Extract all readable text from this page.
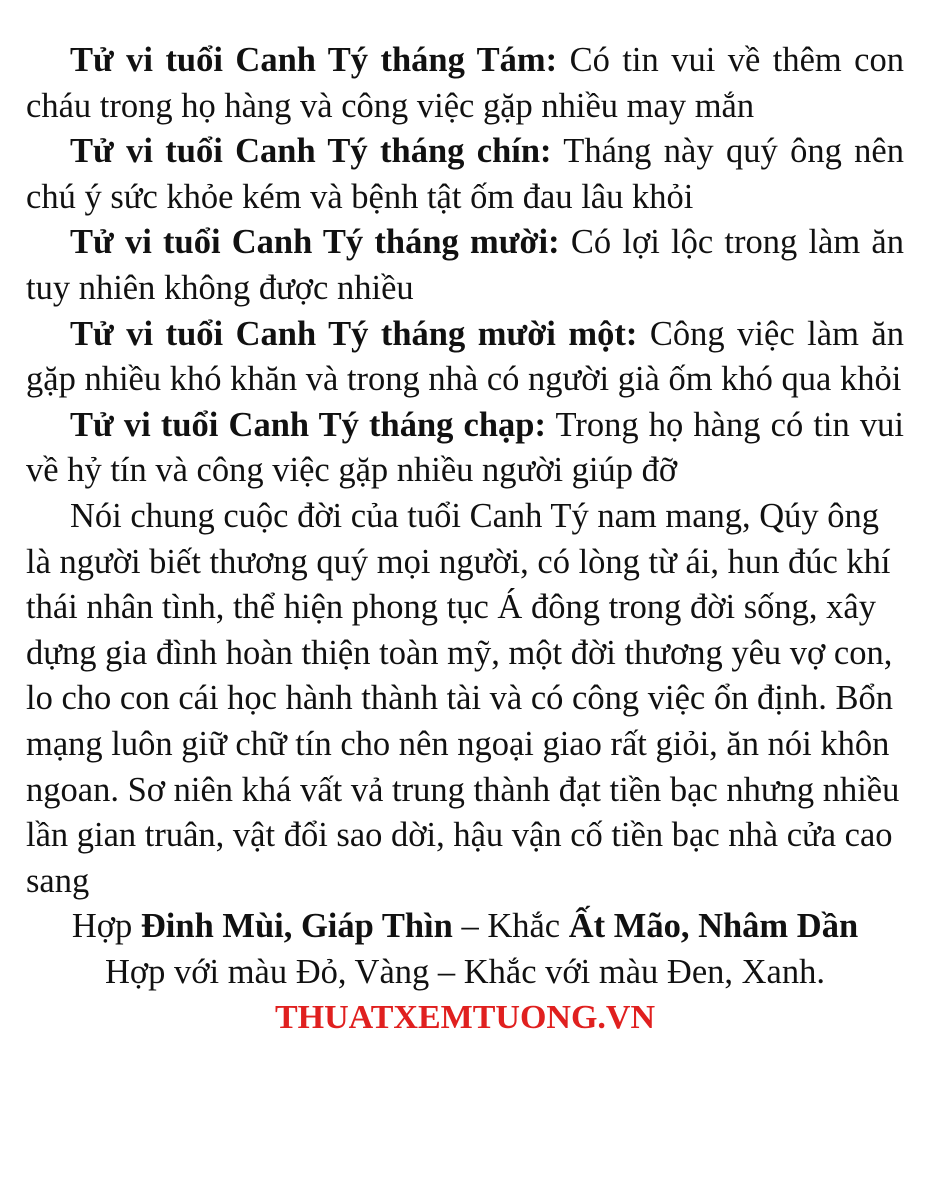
Tử vi tuổi Canh Tý tháng Tám: Có tin vui về thêm con cháu trong họ hàng và công việc gặp nhiều may mắn

Tử vi tuổi Canh Tý tháng chín: Tháng này quý ông nên chú ý sức khỏe kém và bệnh tật ốm đau lâu khỏi

Tử vi tuổi Canh Tý tháng mười: Có lợi lộc trong làm ăn tuy nhiên không được nhiều

Tử vi tuổi Canh Tý tháng mười một: Công việc làm ăn gặp nhiều khó khăn và trong nhà có người già ốm khó qua khỏi

Tử vi tuổi Canh Tý tháng chạp: Trong họ hàng có tin vui về hỷ tín và công việc gặp nhiều người giúp đỡ

Nói chung cuộc đời của tuổi Canh Tý nam mang, Qúy ông là người biết thương quý mọi người, có lòng từ ái, hun đúc khí thái nhân tình, thể hiện phong tục Á đông trong đời sống, xây dựng gia đình hoàn thiện toàn mỹ, một đời thương yêu vợ con, lo cho con cái học hành thành tài và có công việc ổn định. Bổn mạng luôn giữ chữ tín cho nên ngoại giao rất giỏi, ăn nói khôn ngoan. Sơ niên khá vất vả trung thành đạt tiền bạc nhưng nhiều lần gian truân, vật đổi sao dời, hậu vận cố tiền bạc nhà cửa cao sang

Hợp Đinh Mùi, Giáp Thìn – Khắc Ất Mão, Nhâm Dần

Hợp với màu Đỏ, Vàng – Khắc với màu Đen, Xanh.

THUATXEMTUONG.VN
